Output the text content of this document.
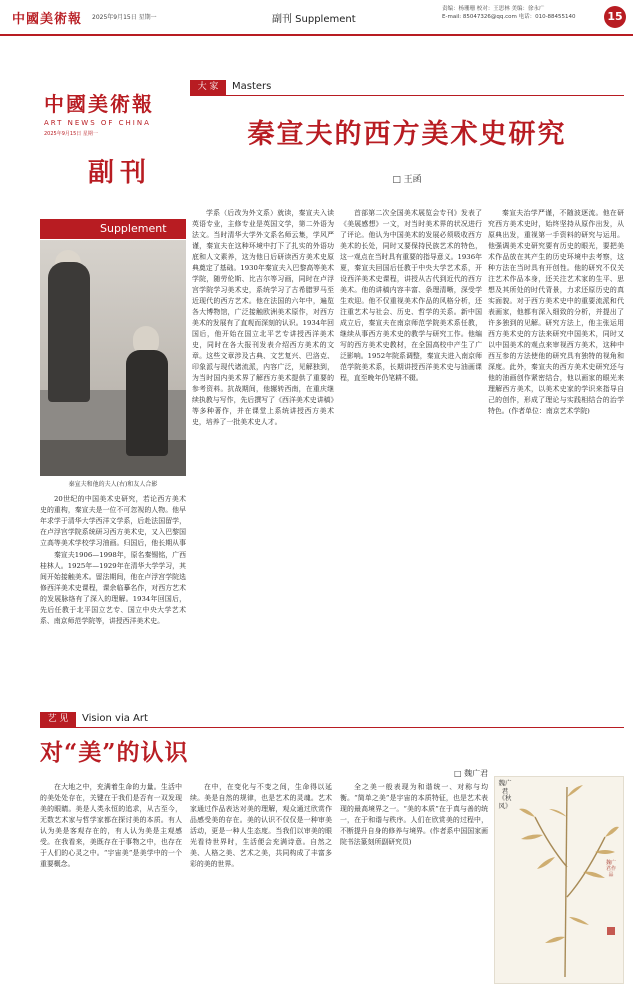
中國美術報 2025年9月15日 星期一	副刊 Supplement
责编：杨珊珊 校对：王思林 美编：徐永广
E-mail: 85047326@qq.com 电话：010-88455140	15
中國美術報
ART NEWS OF CHINA
2025年9月15日 星期一
副刊
Supplement
大 家	Masters
秦宣夫的西方美术史研究
□ 王函
秦宣夫和他的夫人(右)和友人合影
20世纪的中国美术史研究，若论西方美术史的重构，秦宣夫是一位不可忽视的人物。他早年求学于清华大学西洋文学系，后赴法国留学，在卢浮宫学院系统研习西方美术史，又入巴黎国立高等美术学校学习油画。归国后，他长期从事
秦宣夫1906—1998年，原名秦锡铭，广西桂林人。1925年—1929年在清华大学学习，其间开始接触美术。留法期间，他在卢浮宫学院选修西洋美术史课程，课余临摹名作，对西方艺术的发展脉络有了深入的理解。1934年回国后，先后任教于北平国立艺专、国立中央大学艺术系、南京师范学院等，讲授西洋美术史。
学系（后改为外文系）就读，秦宣夫入读英语专业，主修专业是英国文学，第二外语为法文。当时清华大学外文系名师云集，学风严谨，秦宣夫在这种环境中打下了扎实的外语功底和人文素养，这为他日后研读西方美术史原典奠定了基础。1930年秦宣夫入巴黎高等美术学院，随劳伦斯、比吉尔等习画，同时在卢浮宫学院学习美术史，系统学习了古希腊罗马至近现代的西方艺术。他在法国的六年中，遍览各大博物馆，广泛接触欧洲美术原作，对西方美术的发展有了直观而深刻的认识。1934年回国后，他开始在国立北平艺专讲授西洋美术史，同时在各大报刊发表介绍西方美术的文章。这些文章涉及古典、文艺复兴、巴洛克、印象派与现代诸流派，内容广泛，见解独到，为当时国内美术界了解西方美术提供了重要的参考资料。抗战期间，他辗转西南，在重庆继续执教与写作，先后撰写了《西洋美术史讲稿》等多种著作，并在课堂上系统讲授西方美术史，培养了一批美术史人才。
首部第二次全国美术展览会专刊》发表了《美展感想》一文，对当时美术界的状况进行了评论。他认为中国美术的发展必须吸收西方美术的长处，同时又要保持民族艺术的特色，这一观点在当时具有重要的指导意义。1936年夏，秦宣夫回国后任教于中央大学艺术系，开设西洋美术史课程，讲授从古代到近代的西方美术。他的讲稿内容丰富、条理清晰，深受学生欢迎。他不仅重视美术作品的风格分析，还注重艺术与社会、历史、哲学的关系。新中国成立后，秦宣夫在南京师范学院美术系任教，继续从事西方美术史的教学与研究工作。他编写的西方美术史教材，在全国高校中产生了广泛影响。1952年院系调整，秦宣夫进入南京师范学院美术系，长期讲授西洋美术史与油画课程，直至晚年仍笔耕不辍。
秦宣夫治学严谨，不随波逐流。他在研究西方美术史时，始终坚持从原作出发，从原典出发，重视第一手资料的研究与运用。他强调美术史研究要有历史的眼光，要把美术作品放在其产生的历史环境中去考察，这种方法在当时具有开创性。他的研究不仅关注艺术作品本身，还关注艺术家的生平、思想及其所处的时代背景，力求还原历史的真实面貌。对于西方美术史中的重要流派和代表画家，他都有深入细致的分析，并提出了许多独到的见解。研究方法上，他主张运用西方美术史的方法来研究中国美术，同时又以中国美术的观点来审视西方美术，这种中西互参的方法使他的研究具有独特的视角和深度。此外，秦宣夫的西方美术史研究还与他的油画创作紧密结合，他以画家的眼光来理解西方美术，以美术史家的学识来指导自己的创作，形成了理论与实践相结合的治学特色。(作者单位：南京艺术学院)
艺 见	Vision via Art
对“美”的认识
□ 魏广君
在大地之中，充满着生命的力量。生活中的美处处存在，关键在于我们是否有一双发现美的眼睛。美是人类永恒的追求，从古至今，无数艺术家与哲学家都在探讨美的本质。有人认为美是客观存在的，有人认为美是主观感受。在我看来，美既存在于事物之中，也存在于人们的心灵之中。“宇宙美”是美学中的一个重要概念。
在中，在变化与不变之间，生命得以延续。美是自然的规律，也是艺术的灵魂。艺术家通过作品表达对美的理解，观众通过欣赏作品感受美的存在。美的认识不仅仅是一种审美活动，更是一种人生态度。当我们以审美的眼光看待世界时，生活便会充满诗意。自然之美、人格之美、艺术之美，共同构成了丰富多彩的美的世界。
全之美一般表现为和谐统一、对称与均衡。“简单之美”是宇宙的本质特征，也是艺术表现的最高境界之一。“美的本质”在于真与善的统一，在于和谐与秩序。人们在欣赏美的过程中，不断提升自身的修养与境界。(作者系中国国家画院书法篆刻所副研究员)
魏广君《秋风》
魏广君作品
